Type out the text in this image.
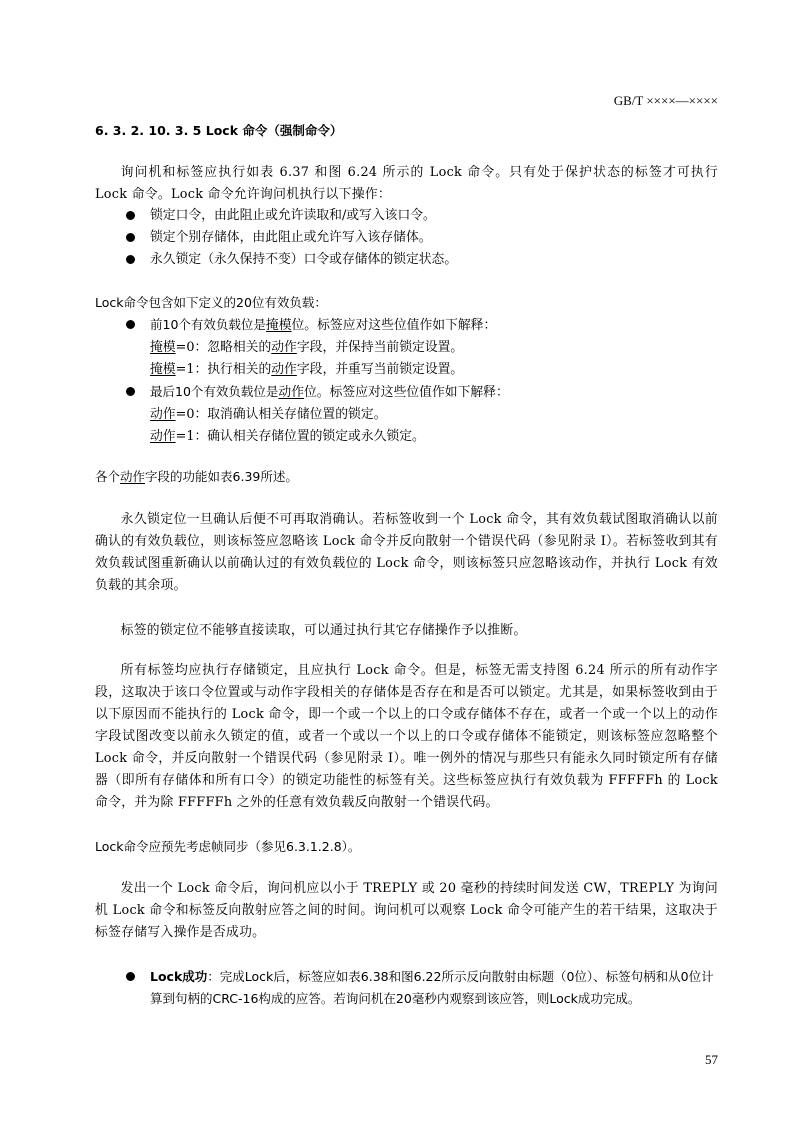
GB/T ××××—××××
6. 3. 2. 10. 3. 5 Lock 命令（强制命令）
询问机和标签应执行如表 6.37 和图 6.24 所示的 Lock 命令。只有处于保护状态的标签才可执行 Lock 命令。Lock 命令允许询问机执行以下操作：
锁定口令，由此阻止或允许读取和/或写入该口令。
锁定个别存储体，由此阻止或允许写入该存储体。
永久锁定（永久保持不变）口令或存储体的锁定状态。
Lock命令包含如下定义的20位有效负载：
前10个有效负载位是掩模位。标签应对这些位值作如下解释：
掩模=0：忽略相关的动作字段，并保持当前锁定设置。
掩模=1：执行相关的动作字段，并重写当前锁定设置。
最后10个有效负载位是动作位。标签应对这些位值作如下解释：
动作=0：取消确认相关存储位置的锁定。
动作=1：确认相关存储位置的锁定或永久锁定。
各个动作字段的功能如表6.39所述。
永久锁定位一旦确认后便不可再取消确认。若标签收到一个 Lock 命令，其有效负载试图取消确认以前确认的有效负载位，则该标签应忽略该 Lock 命令并反向散射一个错误代码（参见附录 I）。若标签收到其有效负载试图重新确认以前确认过的有效负载位的 Lock 命令，则该标签只应忽略该动作，并执行 Lock 有效负载的其余项。
标签的锁定位不能够直接读取，可以通过执行其它存储操作予以推断。
所有标签均应执行存储锁定，且应执行 Lock 命令。但是，标签无需支持图 6.24 所示的所有动作字段，这取决于该口令位置或与动作字段相关的存储体是否存在和是否可以锁定。尤其是，如果标签收到由于以下原因而不能执行的 Lock 命令，即一个或一个以上的口令或存储体不存在，或者一个或一个以上的动作字段试图改变以前永久锁定的值，或者一个或以一个以上的口令或存储体不能锁定，则该标签应忽略整个 Lock 命令，并反向散射一个错误代码（参见附录 I）。唯一例外的情况与那些只有能永久同时锁定所有存储器（即所有存储体和所有口令）的锁定功能性的标签有关。这些标签应执行有效负载为 FFFFFh 的 Lock 命令，并为除 FFFFFh 之外的任意有效负载反向散射一个错误代码。
Lock命令应预先考虑帧同步（参见6.3.1.2.8）。
发出一个 Lock 命令后，询问机应以小于 TREPLY 或 20 毫秒的持续时间发送 CW，TREPLY 为询问机 Lock 命令和标签反向散射应答之间的时间。询问机可以观察 Lock 命令可能产生的若干结果，这取决于标签存储写入操作是否成功。
Lock成功：完成Lock后，标签应如表6.38和图6.22所示反向散射由标题（0位）、标签句柄和从0位计算到句柄的CRC-16构成的应答。若询问机在20毫秒内观察到该应答，则Lock成功完成。
57
